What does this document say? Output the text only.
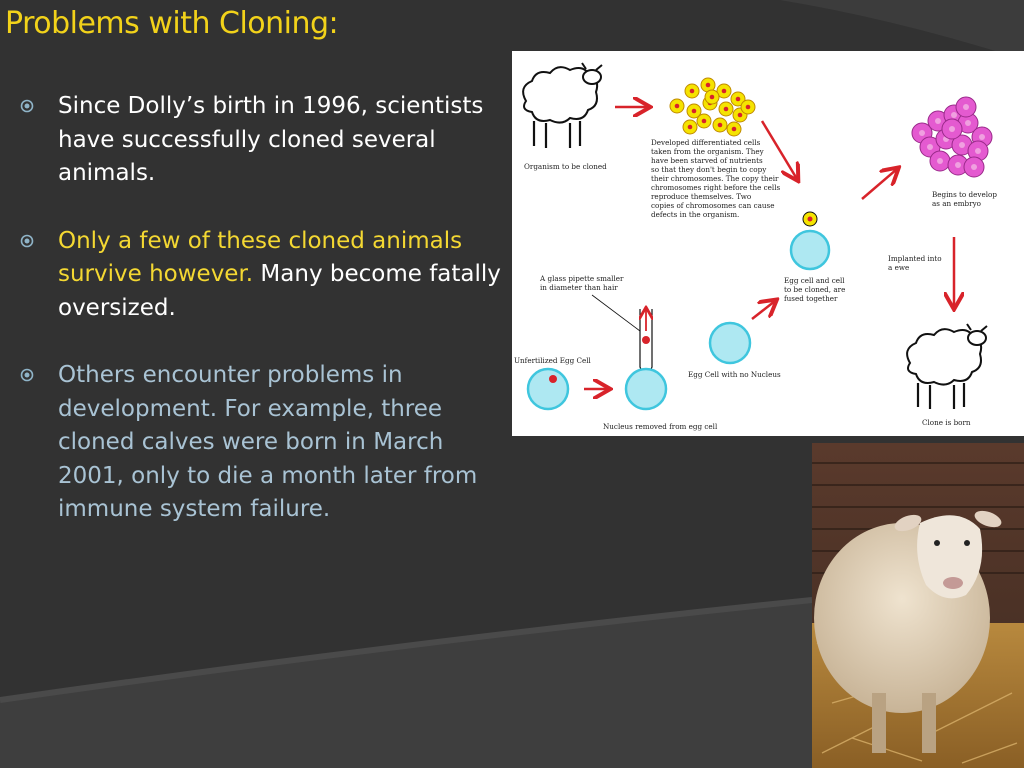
Problems with Cloning:
Since Dolly’s birth in 1996, scientists have successfully cloned several animals.
Only a few of these cloned animals survive however. Many become fatally oversized.
Others encounter problems in development. For example, three cloned calves were born in March 2001, only to die a month later from immune system failure.
Organism to be cloned
Developed differentiated cells
taken from the organism. They
have been starved of nutrients
so that they don't begin to copy
their chromosomes. The copy their
chromosomes right before the cells
reproduce themselves. Two
copies of chromosomes can cause
defects in the organism.
Begins to develop
as an embryo
Egg cell and cell
to be cloned, are
fused together
Implanted into
a ewe
Clone is born
A glass pipette smaller
in diameter than hair
Unfertilized Egg Cell
Nucleus removed from egg cell
Egg Cell with no Nucleus
